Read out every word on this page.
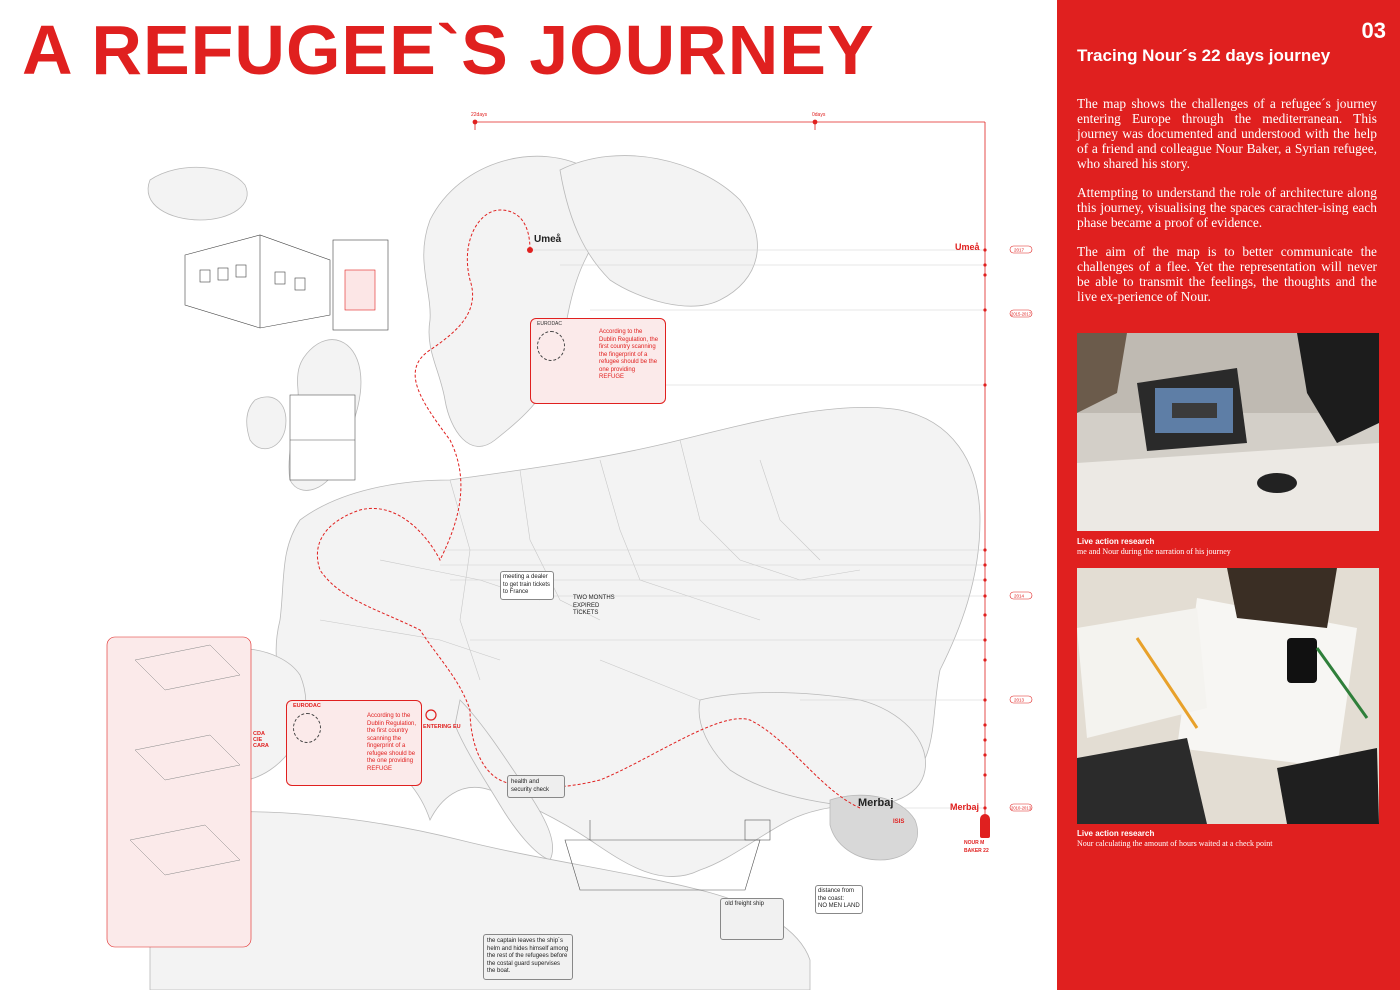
A REFUGEE`S JOURNEY
22days	0days
Umeå
Merbaj
ISIS
ENTERING EU
Umeå
Merbaj
2017
2015-2017
2014
2013
2010-2013
CDA CIE CARA
EURODAC
According to the Dublin Regulation, the first country scanning the fingerprint of a refugee should be the one providing REFUGE
EURODAC
According to the Dublin Regulation, the first country scanning the fingerprint of a refugee should be the one providing REFUGE
meeting a dealer to get train tickets to France
TWO MONTHS EXPIRED TICKETS
health and security check
distance from the coast:
NO MEN LAND
old freight ship
the captain leaves the ship´s helm and hides himself among the rest of the refugees before the costal guard supervises the boat.
NOUR M BAKER 22
03
Tracing Nour´s 22 days journey

The map shows the challenges of a refugee´s journey entering Europe through the mediterranean. This journey was documented and understood with the help of a friend and colleague Nour Baker, a Syrian refugee, who shared his story.

Attempting to understand the role of architecture along this journey, visualising the spaces carachter-ising each phase became a proof of evidence.

The aim of the map is to better communicate the challenges of a flee. Yet the representation will never be able to transmit the feelings, the thoughts and the live ex-perience of Nour.

Live action research
me and Nour during the narration of his journey
Live action research
Nour calculating the amount of hours waited at a check point
